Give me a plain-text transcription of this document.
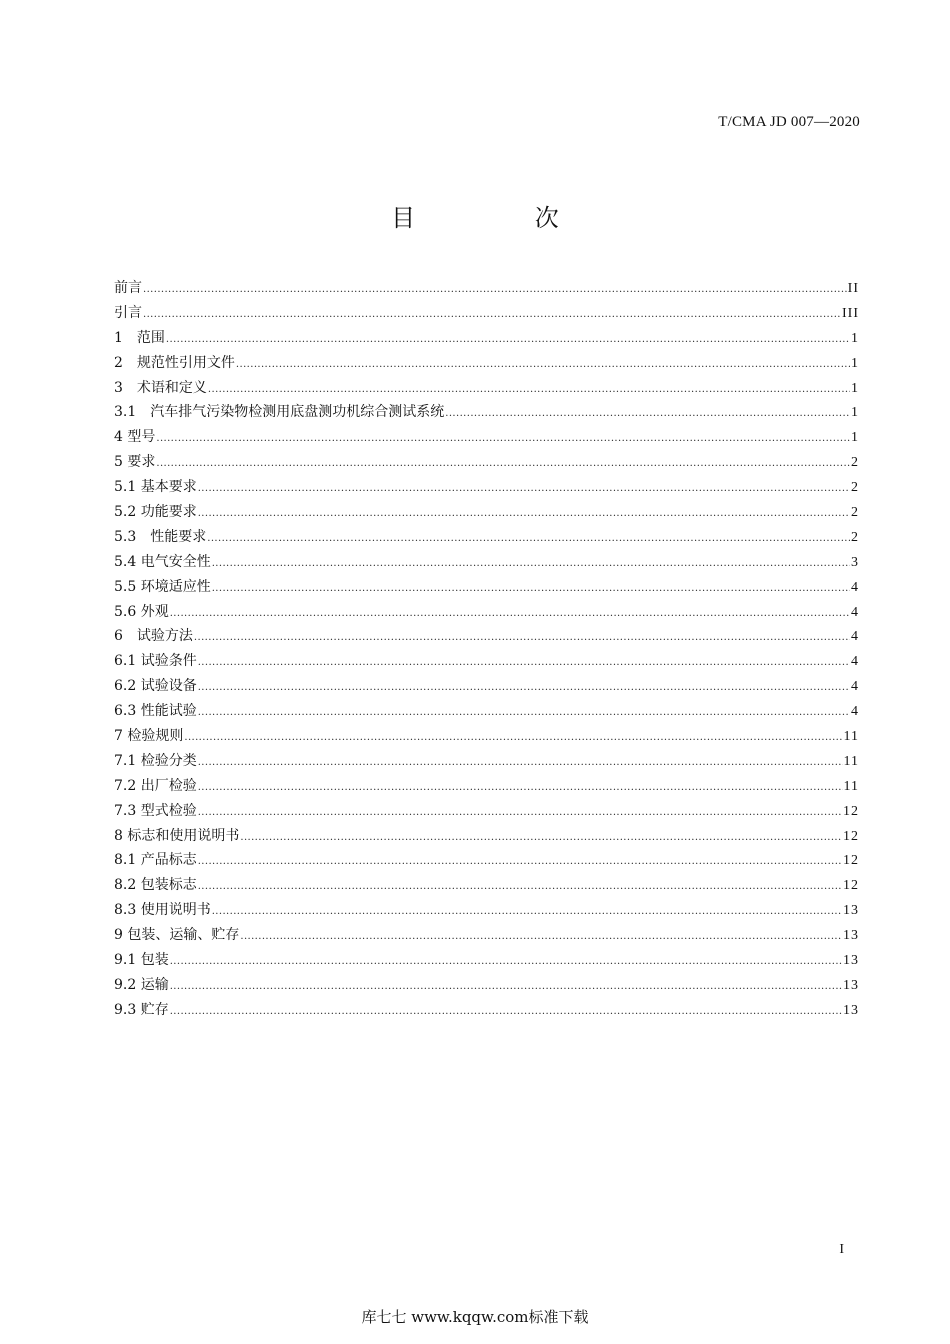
T/CMA JD 007—2020
目 次
前言 .....	II
引言 .....	III
1　范围 .....	1
2　规范性引用文件 .....	1
3　术语和定义 .....	1
3.1　汽车排气污染物检测用底盘测功机综合测试系统 .....	1
4 型号 .....	1
5 要求 .....	2
5.1 基本要求 .....	2
5.2 功能要求 .....	2
5.3　性能要求 .....	2
5.4 电气安全性 .....	3
5.5 环境适应性 .....	4
5.6 外观 .....	4
6　试验方法 .....	4
6.1 试验条件 .....	4
6.2 试验设备 .....	4
6.3 性能试验 .....	4
7 检验规则 .....	11
7.1 检验分类 .....	11
7.2 出厂检验 .....	11
7.3 型式检验 .....	12
8 标志和使用说明书 .....	12
8.1 产品标志 .....	12
8.2 包装标志 .....	12
8.3 使用说明书 .....	13
9 包装、运输、贮存 .....	13
9.1 包装 .....	13
9.2 运输 .....	13
9.3 贮存 .....	13
I
库七七 www.kqqw.com标准下载
